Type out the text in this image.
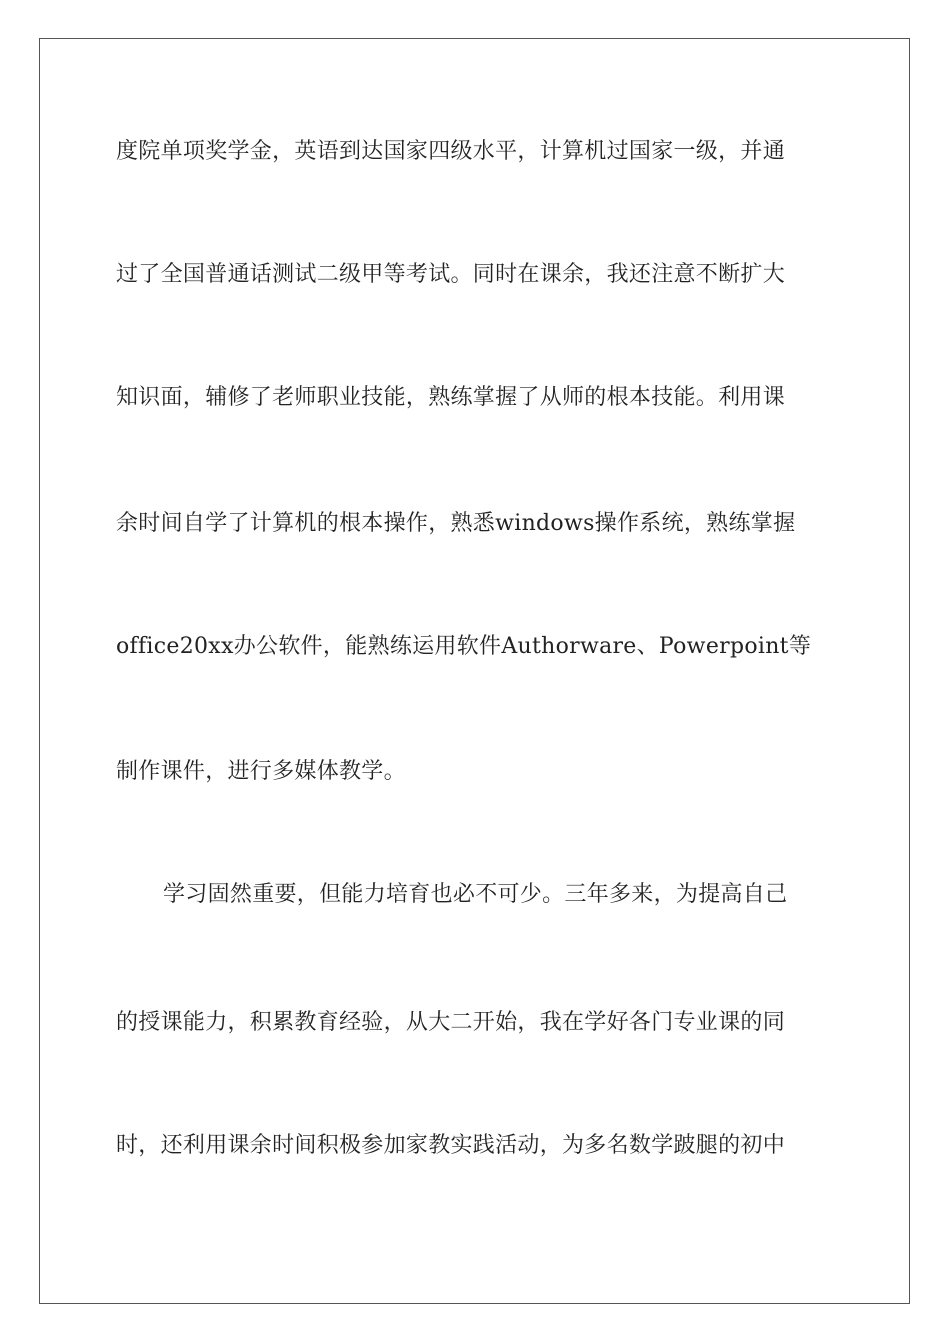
度院单项奖学金，英语到达国家四级水平，计算机过国家一级，并通
过了全国普通话测试二级甲等考试。同时在课余，我还注意不断扩大
知识面，辅修了老师职业技能，熟练掌握了从师的根本技能。利用课
余时间自学了计算机的根本操作，熟悉windows操作系统，熟练掌握
office20xx办公软件，能熟练运用软件Authorware、Powerpoint等
制作课件，进行多媒体教学。
学习固然重要，但能力培育也必不可少。三年多来，为提高自己
的授课能力，积累教育经验，从大二开始，我在学好各门专业课的同
时，还利用课余时间积极参加家教实践活动，为多名数学跛腿的初中
